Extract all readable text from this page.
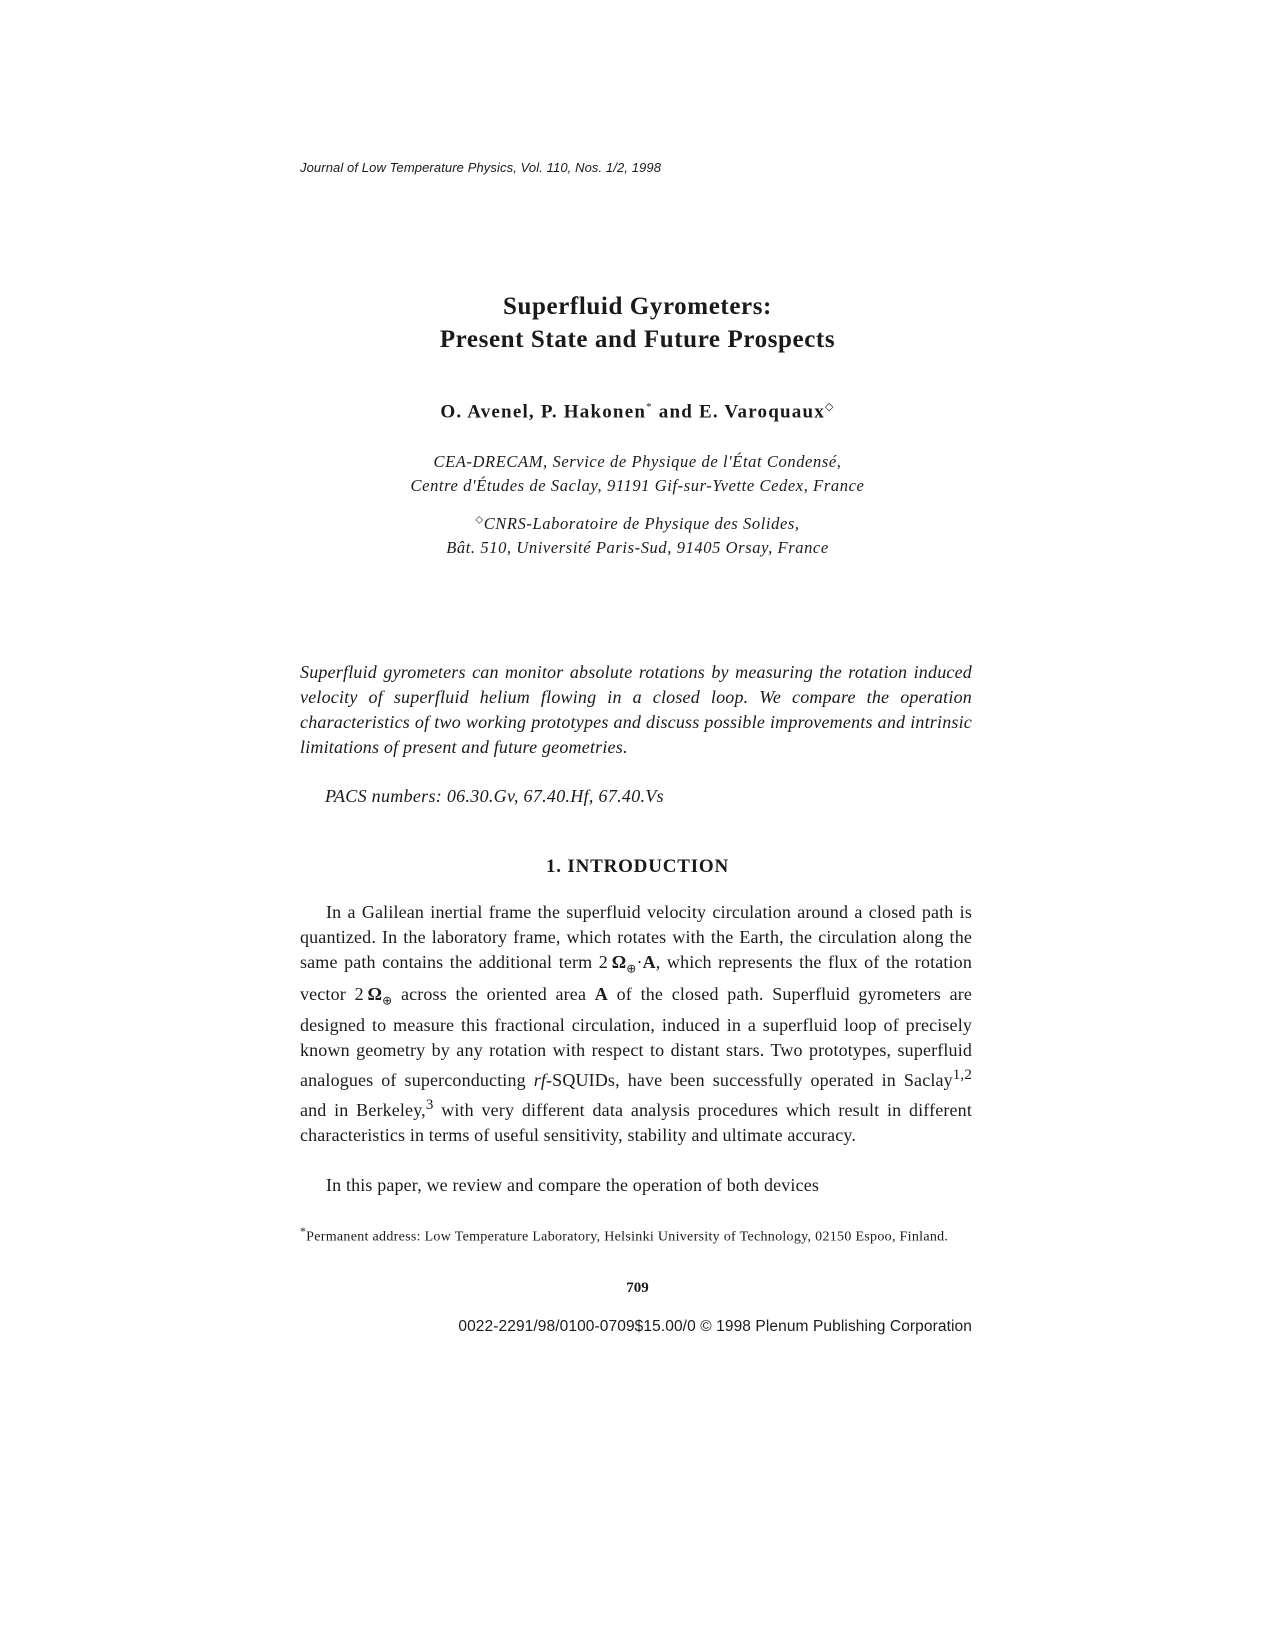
Journal of Low Temperature Physics, Vol. 110, Nos. 1/2, 1998
Superfluid Gyrometers:
Present State and Future Prospects
O. Avenel, P. Hakonen* and E. Varoquaux◇
CEA-DRECAM, Service de Physique de l'État Condensé,
Centre d'Études de Saclay, 91191 Gif-sur-Yvette Cedex, France
◇CNRS-Laboratoire de Physique des Solides,
Bât. 510, Université Paris-Sud, 91405 Orsay, France
Superfluid gyrometers can monitor absolute rotations by measuring the rotation induced velocity of superfluid helium flowing in a closed loop. We compare the operation characteristics of two working prototypes and discuss possible improvements and intrinsic limitations of present and future geometries.
PACS numbers: 06.30.Gv, 67.40.Hf, 67.40.Vs
1. INTRODUCTION
In a Galilean inertial frame the superfluid velocity circulation around a closed path is quantized. In the laboratory frame, which rotates with the Earth, the circulation along the same path contains the additional term 2  $\Omega_\oplus\cdot A$, which represents the flux of the rotation vector 2  $\Omega_\oplus$ across the oriented area A of the closed path. Superfluid gyrometers are designed to measure this fractional circulation, induced in a superfluid loop of precisely known geometry by any rotation with respect to distant stars. Two prototypes, superfluid analogues of superconducting rf-SQUIDs, have been successfully operated in Saclay$^{1,2}$ and in Berkeley,$^3$ with very different data analysis procedures which result in different characteristics in terms of useful sensitivity, stability and ultimate accuracy.
In this paper, we review and compare the operation of both devices
*Permanent address: Low Temperature Laboratory, Helsinki University of Technology, 02150 Espoo, Finland.
709
0022-2291/98/0100-0709$15.00/0 © 1998 Plenum Publishing Corporation
